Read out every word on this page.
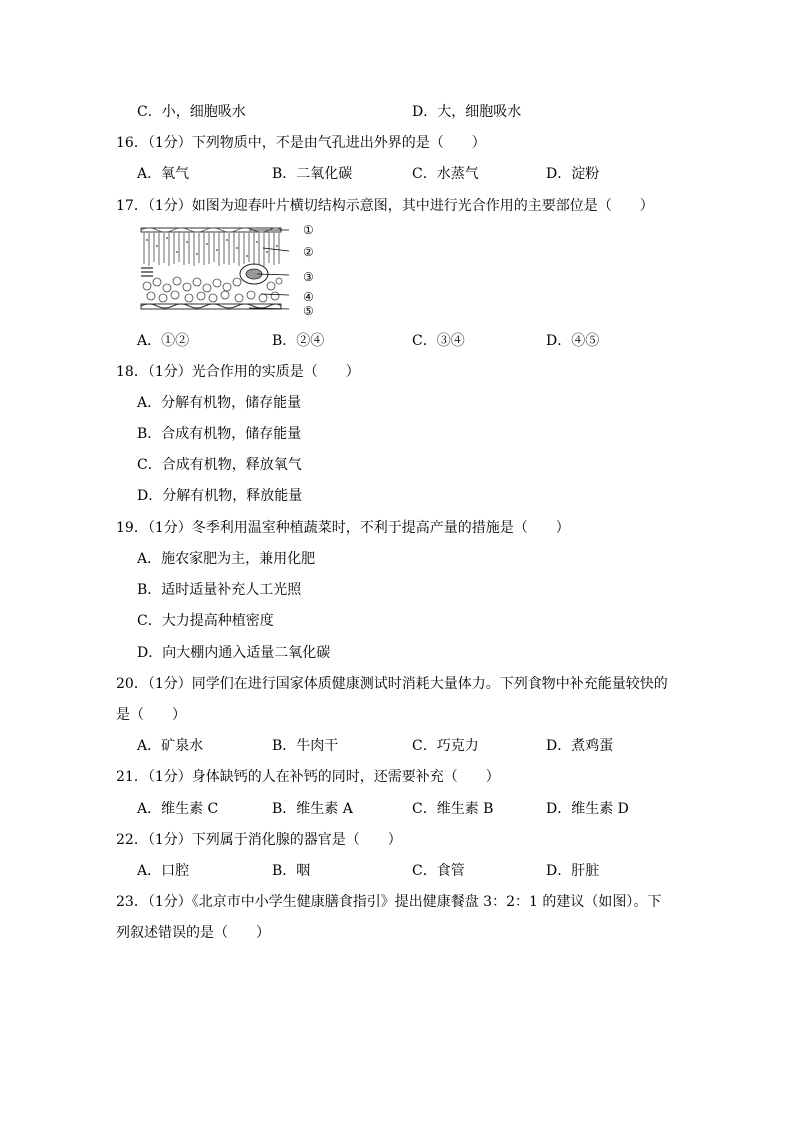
C．小，细胞吸水	D．大，细胞吸水
16．（1分）下列物质中，不是由气孔进出外界的是（　　）
A．氧气	B．二氧化碳	C．水蒸气	D．淀粉
17．（1分）如图为迎春叶片横切结构示意图，其中进行光合作用的主要部位是（　　）
①
②
③
④
⑤
A．①②	B．②④	C．③④	D．④⑤
18．（1分）光合作用的实质是（　　）
A．分解有机物，储存能量
B．合成有机物，储存能量
C．合成有机物，释放氧气
D．分解有机物，释放能量
19．（1分）冬季利用温室种植蔬菜时，不利于提高产量的措施是（　　）
A．施农家肥为主，兼用化肥
B．适时适量补充人工光照
C．大力提高种植密度
D．向大棚内通入适量二氧化碳
20．（1分）同学们在进行国家体质健康测试时消耗大量体力。下列食物中补充能量较快的
是（　　）
A．矿泉水	B．牛肉干	C．巧克力	D．煮鸡蛋
21．（1分）身体缺钙的人在补钙的同时，还需要补充（　　）
A．维生素 C	B．维生素 A	C．维生素 B	D．维生素 D
22．（1分）下列属于消化腺的器官是（　　）
A．口腔	B．咽	C．食管	D．肝脏
23．（1分）《北京市中小学生健康膳食指引》提出健康餐盘 3：2：1 的建议（如图）。下
列叙述错误的是（　　）
